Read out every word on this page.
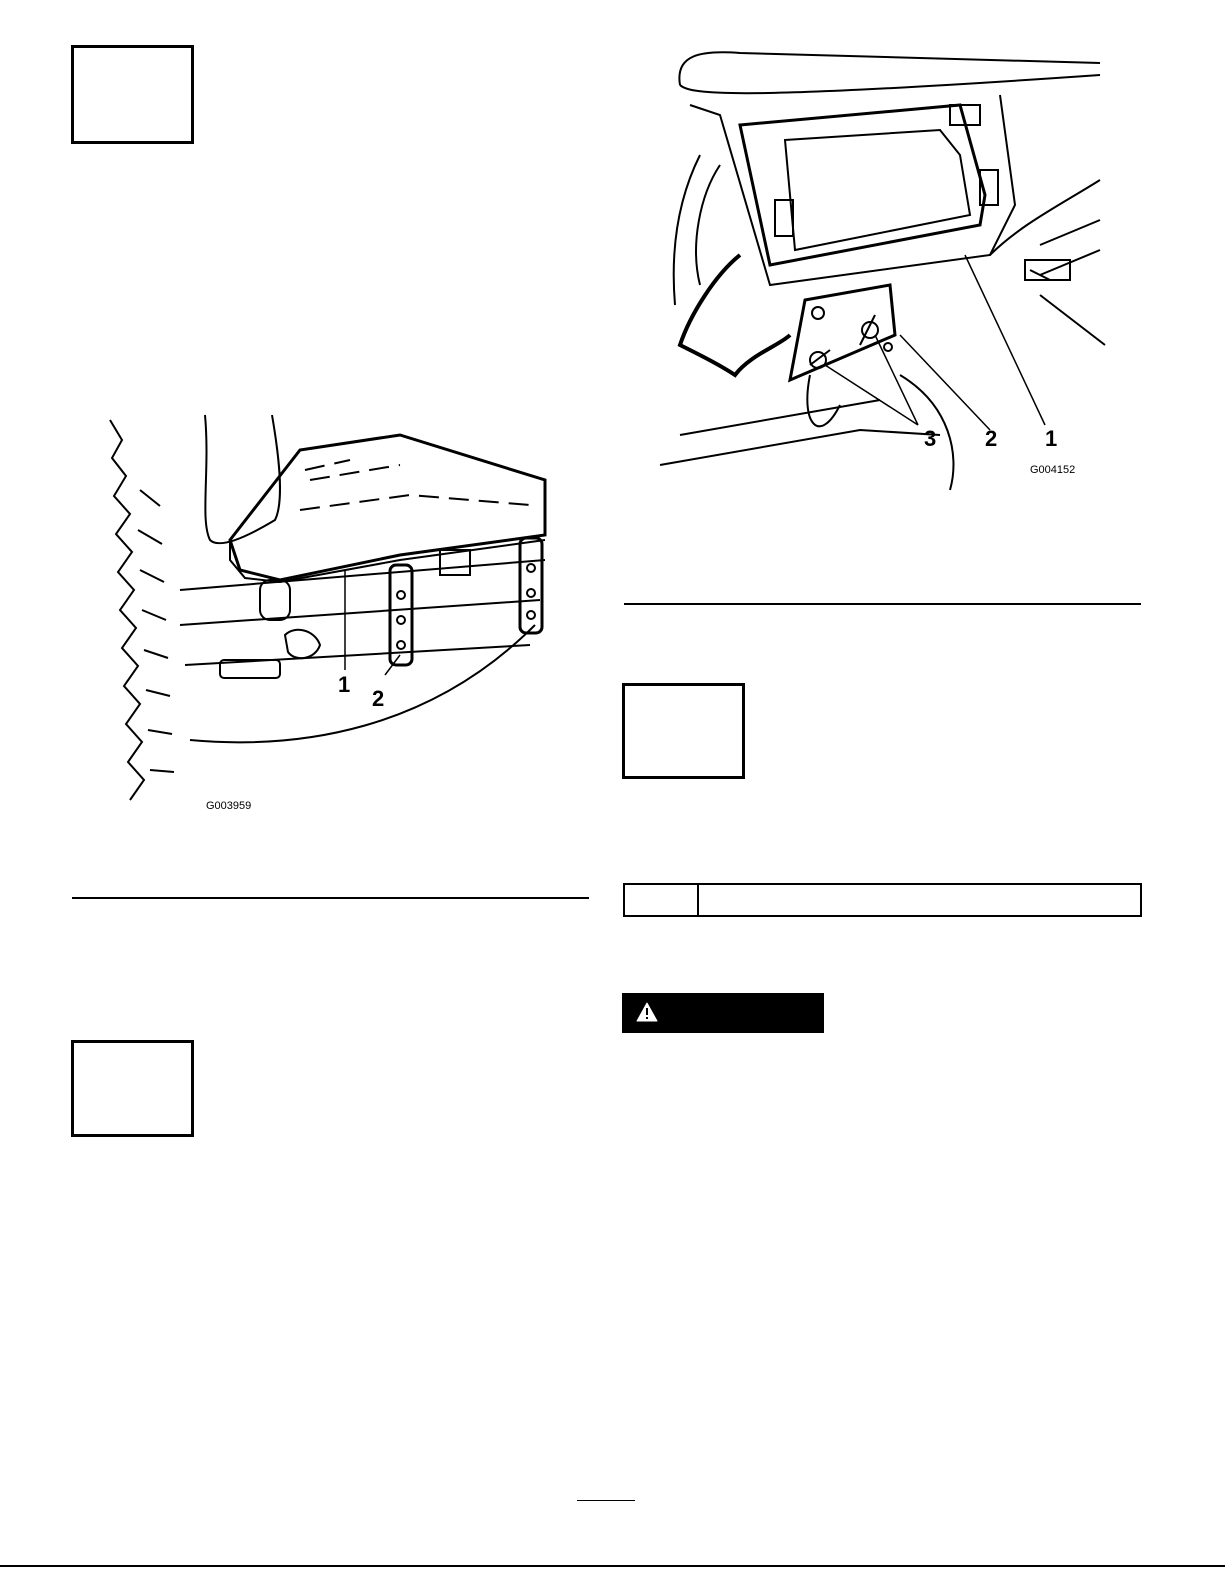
1
2
G003959
3 2 1
G004152
